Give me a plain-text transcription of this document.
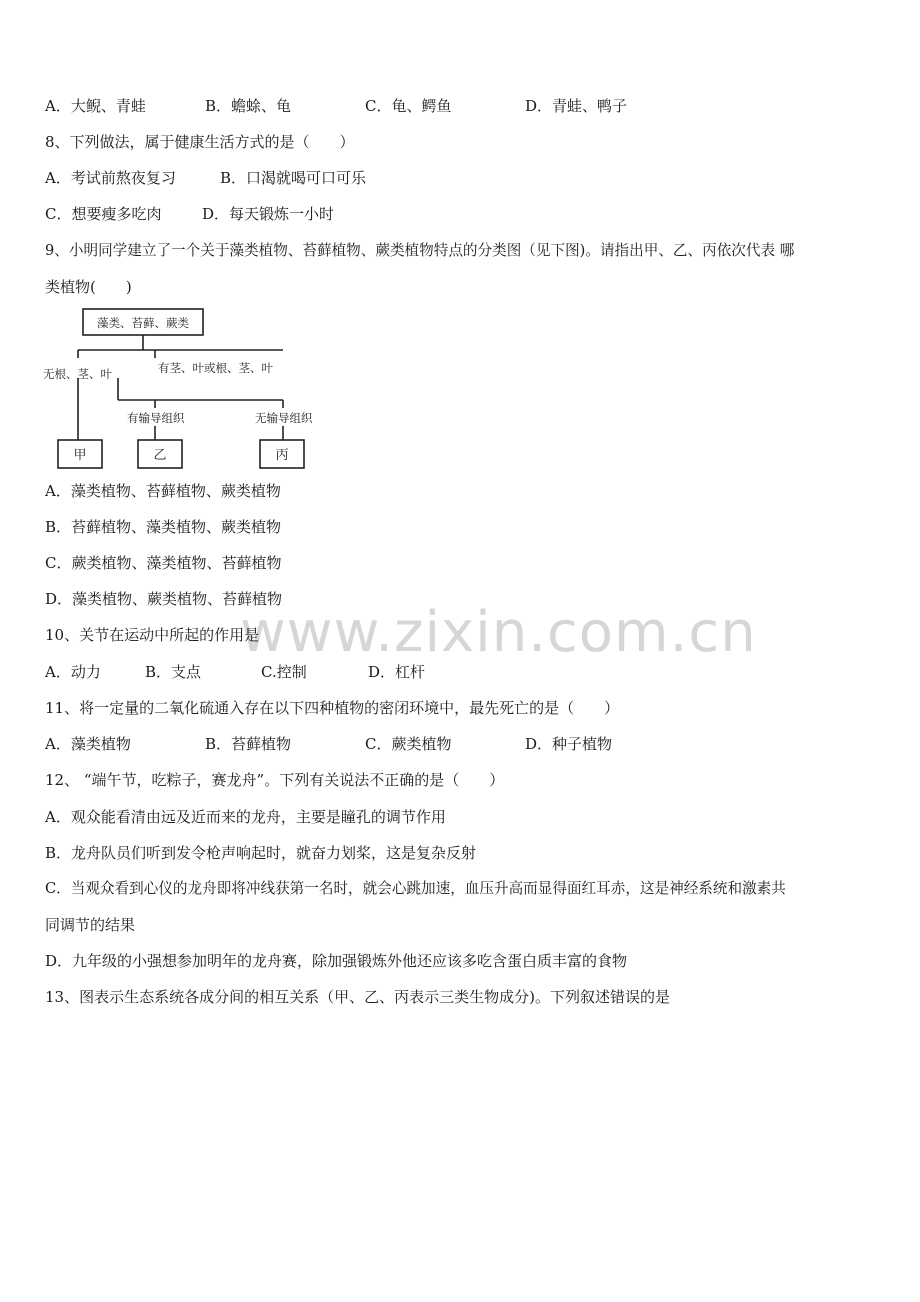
www.zixin.com.cn
A．大鲵、青蛙	B．蟾蜍、龟	C．龟、鳄鱼	D．青蛙、鸭子
8、下列做法，属于健康生活方式的是（　　）
A．考试前熬夜复习	B．口渴就喝可口可乐
C．想要瘦多吃肉	D．每天锻炼一小时
9、小明同学建立了一个关于藻类植物、苔藓植物、蕨类植物特点的分类图（见下图)。请指出甲、乙、丙依次代表 哪
类植物(　　)
藻类、苔藓、蕨类
无根、茎、叶	有茎、叶或根、茎、叶
有输导组织	无输导组织
甲	乙	丙
A．藻类植物、苔藓植物、蕨类植物
B．苔藓植物、藻类植物、蕨类植物
C．蕨类植物、藻类植物、苔藓植物
D．藻类植物、蕨类植物、苔藓植物
10、关节在运动中所起的作用是
A．动力	B．支点	C.控制	D．杠杆
11、将一定量的二氧化硫通入存在以下四种植物的密闭环境中，最先死亡的是（　　）
A．藻类植物	B．苔藓植物	C．蕨类植物	D．种子植物
12、 “端午节，吃粽子，赛龙舟”。下列有关说法不正确的是（　　）
A．观众能看清由远及近而来的龙舟，主要是瞳孔的调节作用
B．龙舟队员们听到发令枪声响起时，就奋力划桨，这是复杂反射
C．当观众看到心仪的龙舟即将冲线获第一名时，就会心跳加速，血压升高而显得面红耳赤，这是神经系统和激素共
同调节的结果
D．九年级的小强想参加明年的龙舟赛，除加强锻炼外他还应该多吃含蛋白质丰富的食物
13、图表示生态系统各成分间的相互关系（甲、乙、丙表示三类生物成分)。下列叙述错误的是
